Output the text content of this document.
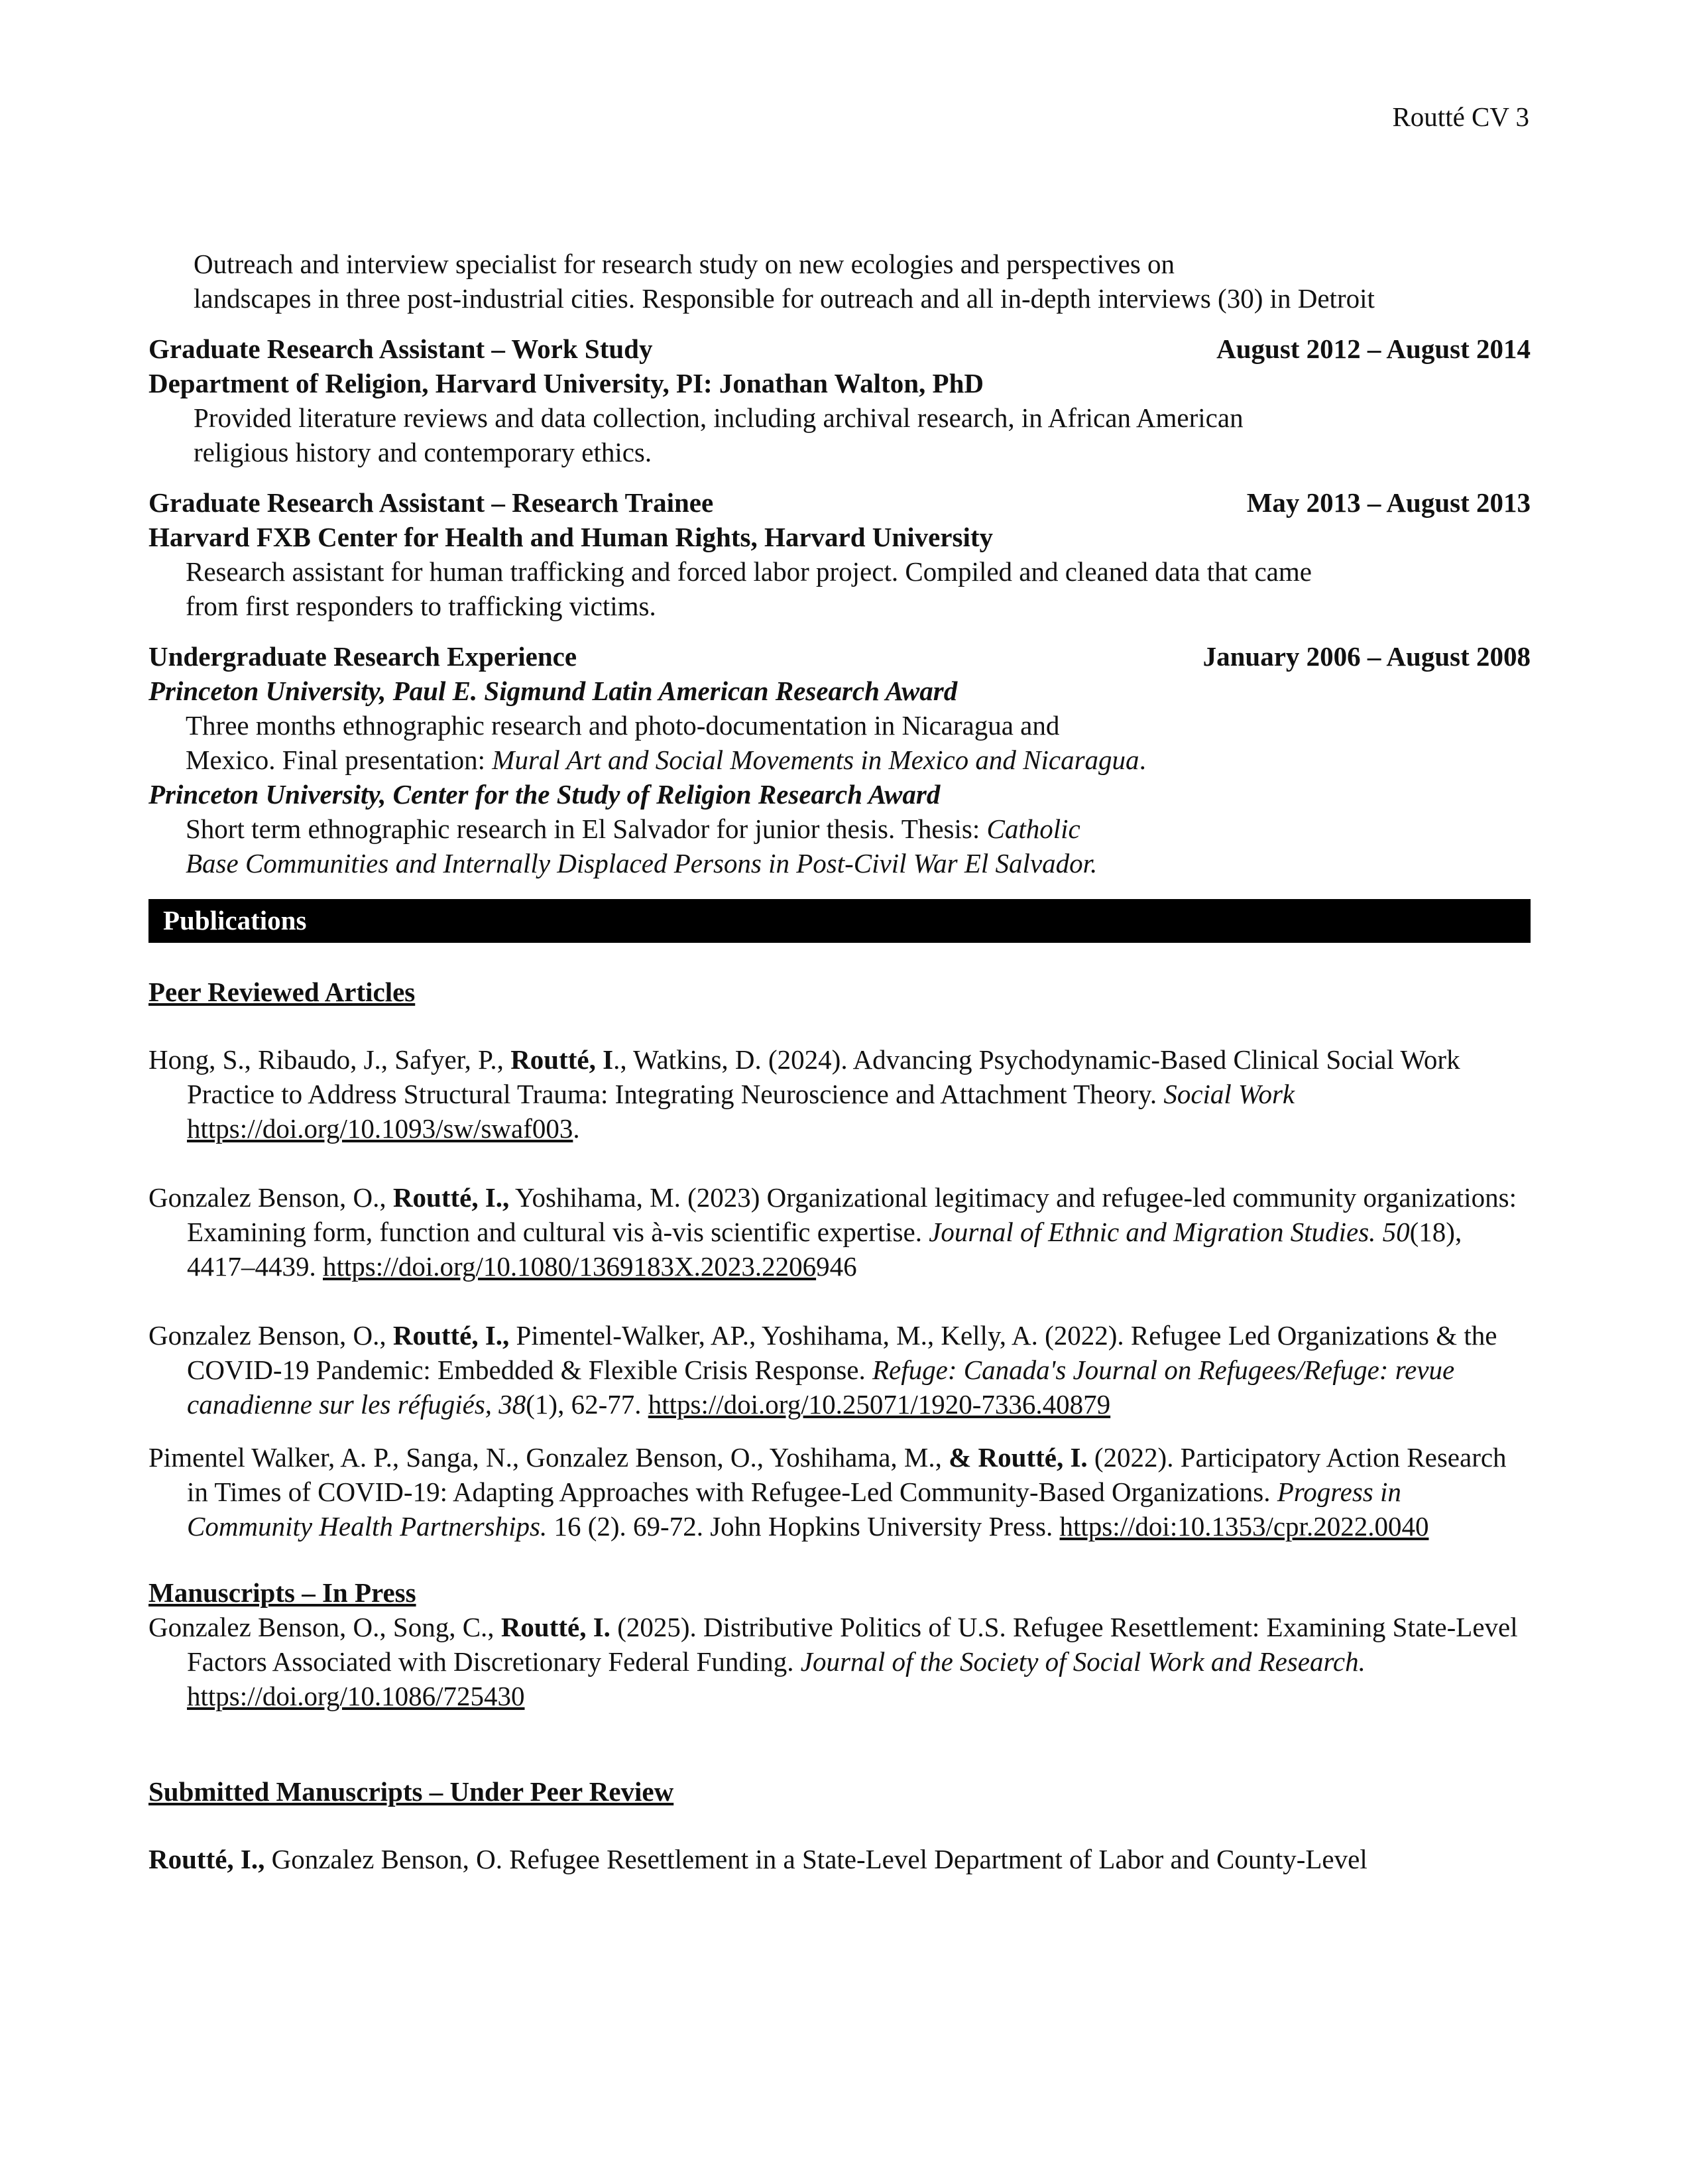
Routté CV 3
Outreach and interview specialist for research study on new ecologies and perspectives on
landscapes in three post-industrial cities. Responsible for outreach and all in-depth interviews (30) in Detroit
Graduate Research Assistant – Work Study	August 2012 – August 2014
Department of Religion, Harvard University, PI: Jonathan Walton, PhD
Provided literature reviews and data collection, including archival research, in African American
religious history and contemporary ethics.
Graduate Research Assistant – Research Trainee	May 2013 – August 2013
Harvard FXB Center for Health and Human Rights, Harvard University
Research assistant for human trafficking and forced labor project. Compiled and cleaned data that came
from first responders to trafficking victims.
Undergraduate Research Experience	January 2006 – August 2008
Princeton University, Paul E. Sigmund Latin American Research Award
Three months ethnographic research and photo-documentation in Nicaragua and
Mexico. Final presentation: Mural Art and Social Movements in Mexico and Nicaragua.
Princeton University, Center for the Study of Religion Research Award
Short term ethnographic research in El Salvador for junior thesis. Thesis: Catholic
Base Communities and Internally Displaced Persons in Post-Civil War El Salvador.
Publications
Peer Reviewed Articles
Hong, S., Ribaudo, J., Safyer, P., Routté, I., Watkins, D. (2024). Advancing Psychodynamic-Based Clinical Social Work Practice to Address Structural Trauma: Integrating Neuroscience and Attachment Theory. Social Work https://doi.org/10.1093/sw/swaf003.
Gonzalez Benson, O., Routté, I., Yoshihama, M. (2023) Organizational legitimacy and refugee-led community organizations: Examining form, function and cultural vis à-vis scientific expertise. Journal of Ethnic and Migration Studies. 50(18), 4417–4439. https://doi.org/10.1080/1369183X.2023.2206946
Gonzalez Benson, O., Routté, I., Pimentel-Walker, AP., Yoshihama, M., Kelly, A. (2022). Refugee Led Organizations & the COVID-19 Pandemic: Embedded & Flexible Crisis Response. Refuge: Canada's Journal on Refugees/Refuge: revue canadienne sur les réfugiés, 38(1), 62-77. https://doi.org/10.25071/1920-7336.40879
Pimentel Walker, A. P., Sanga, N., Gonzalez Benson, O., Yoshihama, M., & Routté, I. (2022). Participatory Action Research in Times of COVID-19: Adapting Approaches with Refugee-Led Community-Based Organizations. Progress in Community Health Partnerships. 16 (2). 69-72. John Hopkins University Press. https://doi:10.1353/cpr.2022.0040
Manuscripts – In Press
Gonzalez Benson, O., Song, C., Routté, I. (2025). Distributive Politics of U.S. Refugee Resettlement: Examining State-Level Factors Associated with Discretionary Federal Funding. Journal of the Society of Social Work and Research. https://doi.org/10.1086/725430
Submitted Manuscripts – Under Peer Review
Routté, I., Gonzalez Benson, O. Refugee Resettlement in a State-Level Department of Labor and County-Level
